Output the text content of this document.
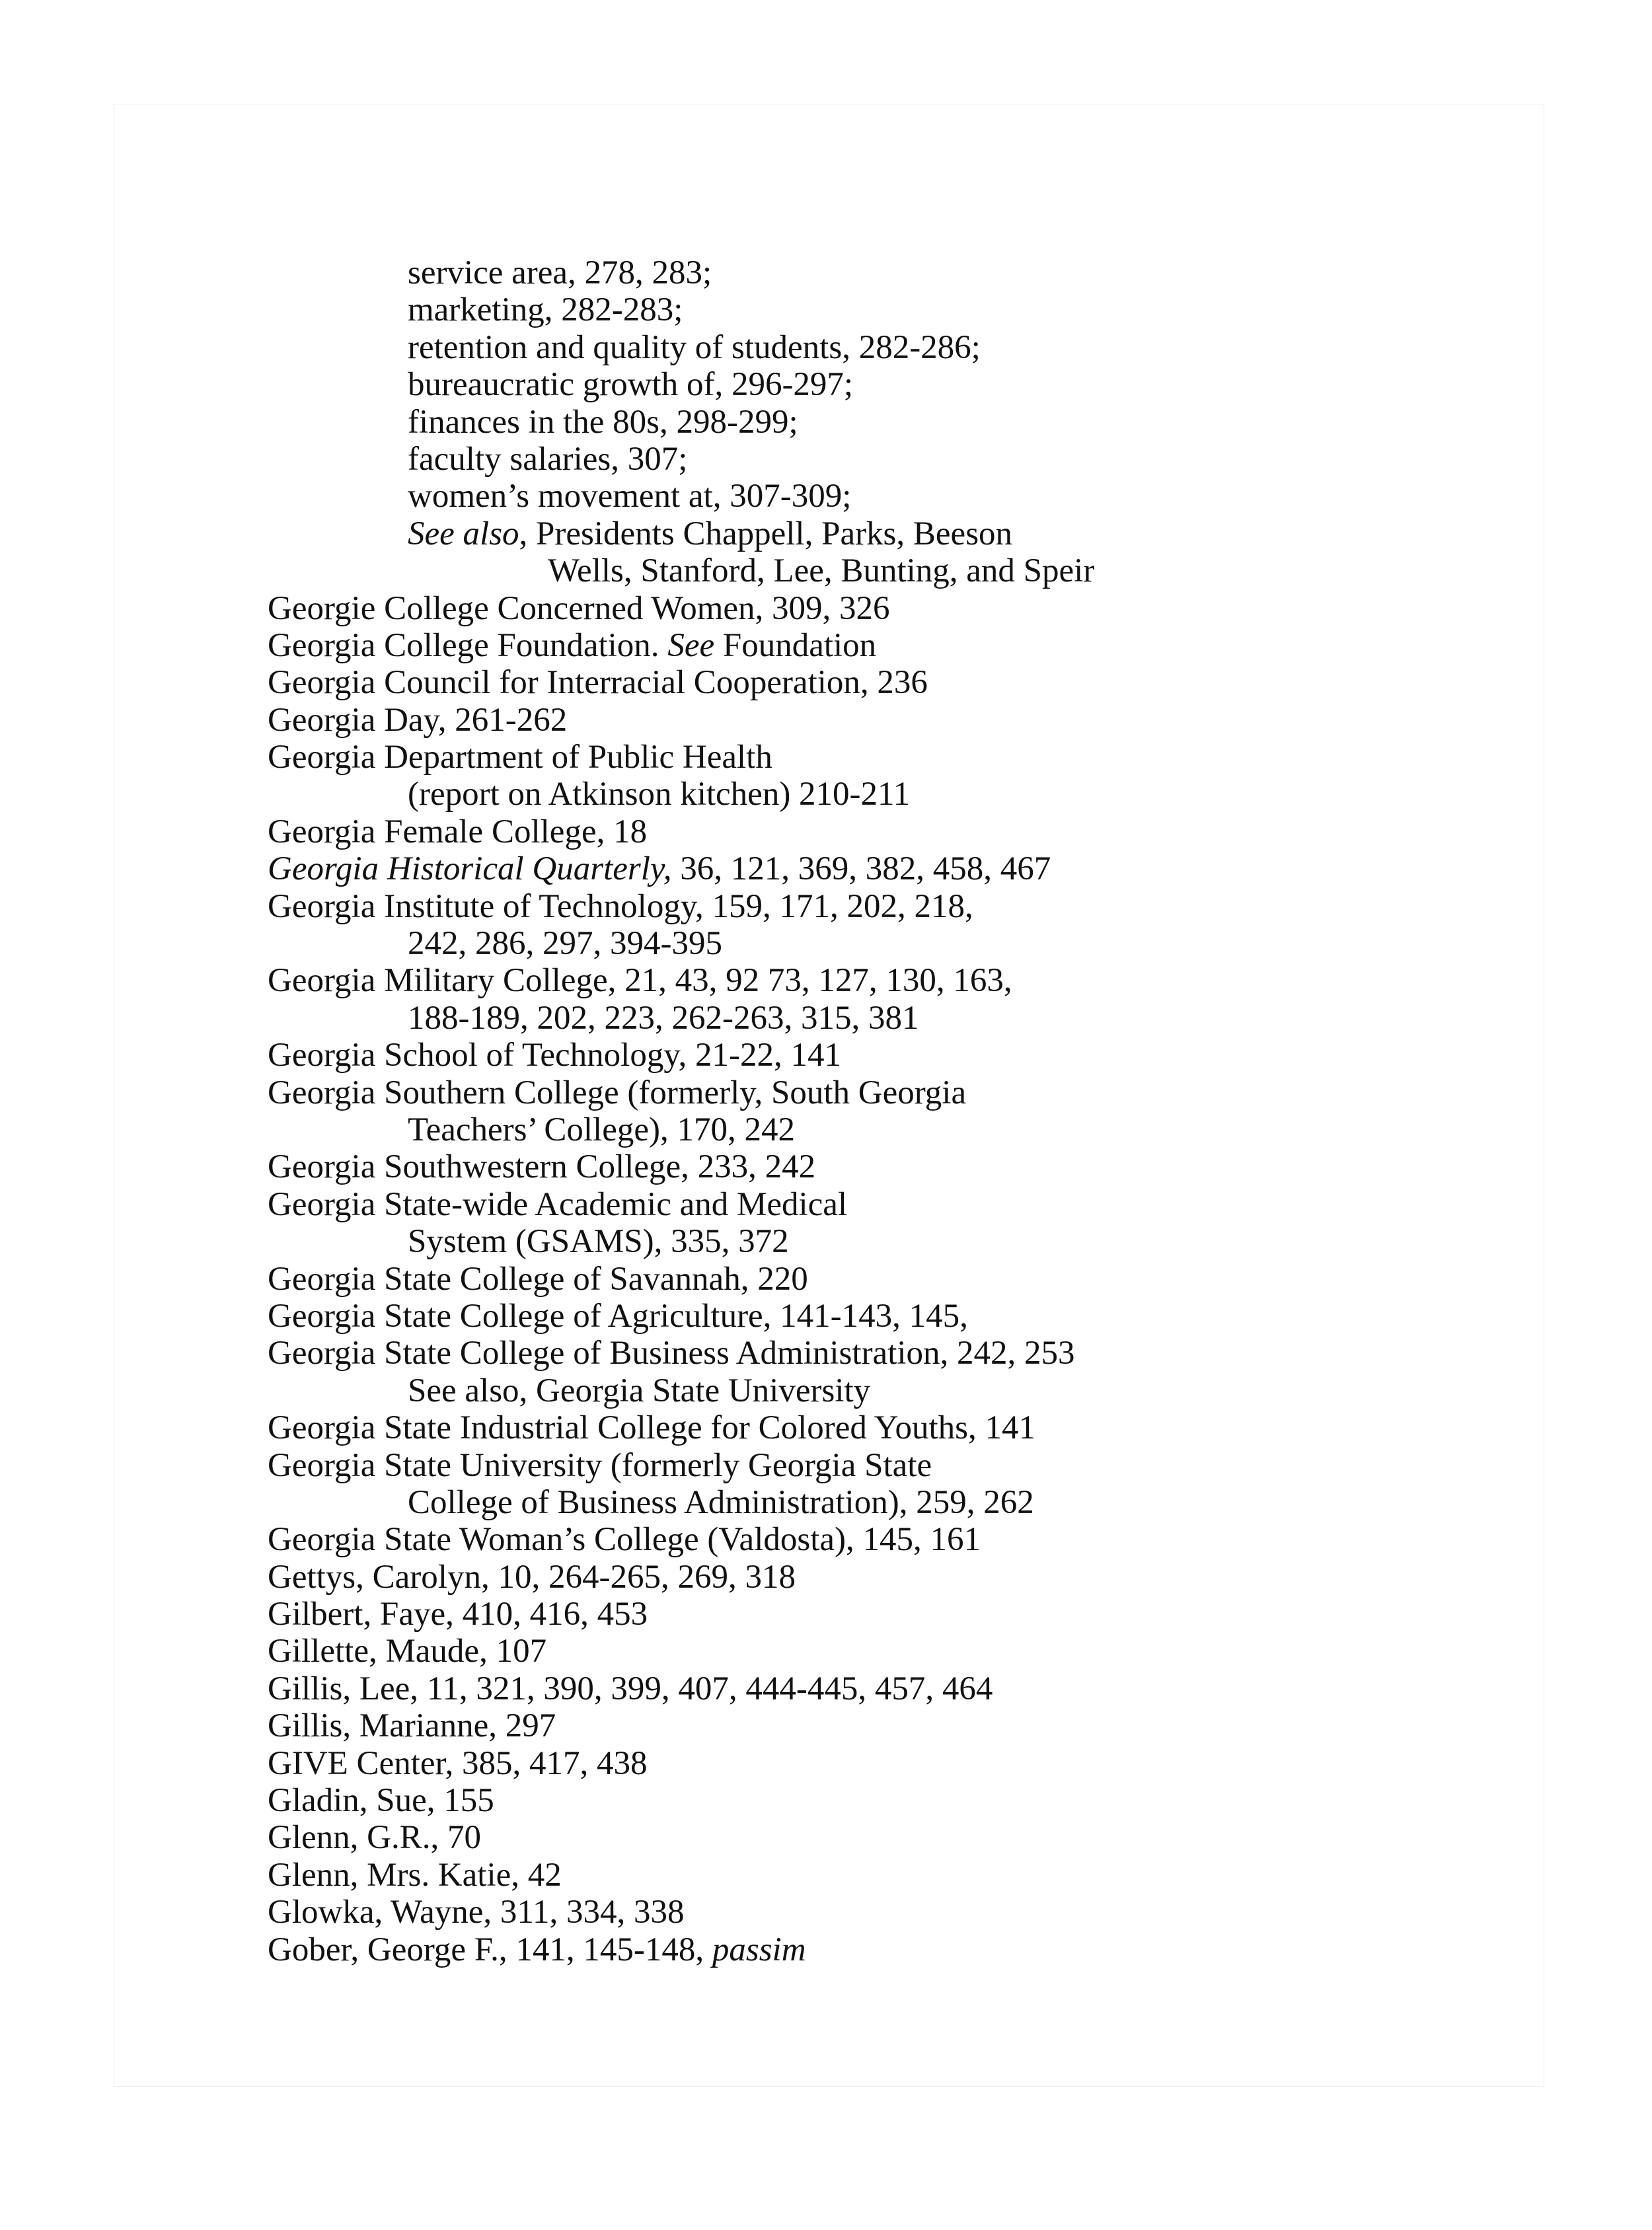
service area, 278, 283;
marketing, 282-283;
retention and quality of students, 282-286;
bureaucratic growth of, 296-297;
finances in the 80s, 298-299;
faculty salaries, 307;
women’s movement at, 307-309;
See also, Presidents Chappell, Parks, Beeson
Wells, Stanford, Lee, Bunting, and Speir
Georgie College Concerned Women, 309, 326
Georgia College Foundation. See Foundation
Georgia Council for Interracial Cooperation, 236
Georgia Day, 261-262
Georgia Department of Public Health
(report on Atkinson kitchen) 210-211
Georgia Female College, 18
Georgia Historical Quarterly, 36, 121, 369, 382, 458, 467
Georgia Institute of Technology, 159, 171, 202, 218,
242, 286, 297, 394-395
Georgia Military College, 21, 43, 92 73, 127, 130, 163,
188-189, 202, 223, 262-263, 315, 381
Georgia School of Technology, 21-22, 141
Georgia Southern College (formerly, South Georgia
Teachers’ College), 170, 242
Georgia Southwestern College, 233, 242
Georgia State-wide Academic and Medical
System (GSAMS), 335, 372
Georgia State College of Savannah, 220
Georgia State College of Agriculture, 141-143, 145,
Georgia State College of Business Administration, 242, 253
See also, Georgia State University
Georgia State Industrial College for Colored Youths, 141
Georgia State University (formerly Georgia State
College of Business Administration), 259, 262
Georgia State Woman’s College (Valdosta), 145, 161
Gettys, Carolyn, 10, 264-265, 269, 318
Gilbert, Faye, 410, 416, 453
Gillette, Maude, 107
Gillis, Lee, 11, 321, 390, 399, 407, 444-445, 457, 464
Gillis, Marianne, 297
GIVE Center, 385, 417, 438
Gladin, Sue, 155
Glenn, G.R., 70
Glenn, Mrs. Katie, 42
Glowka, Wayne, 311, 334, 338
Gober, George F., 141, 145-148, passim
